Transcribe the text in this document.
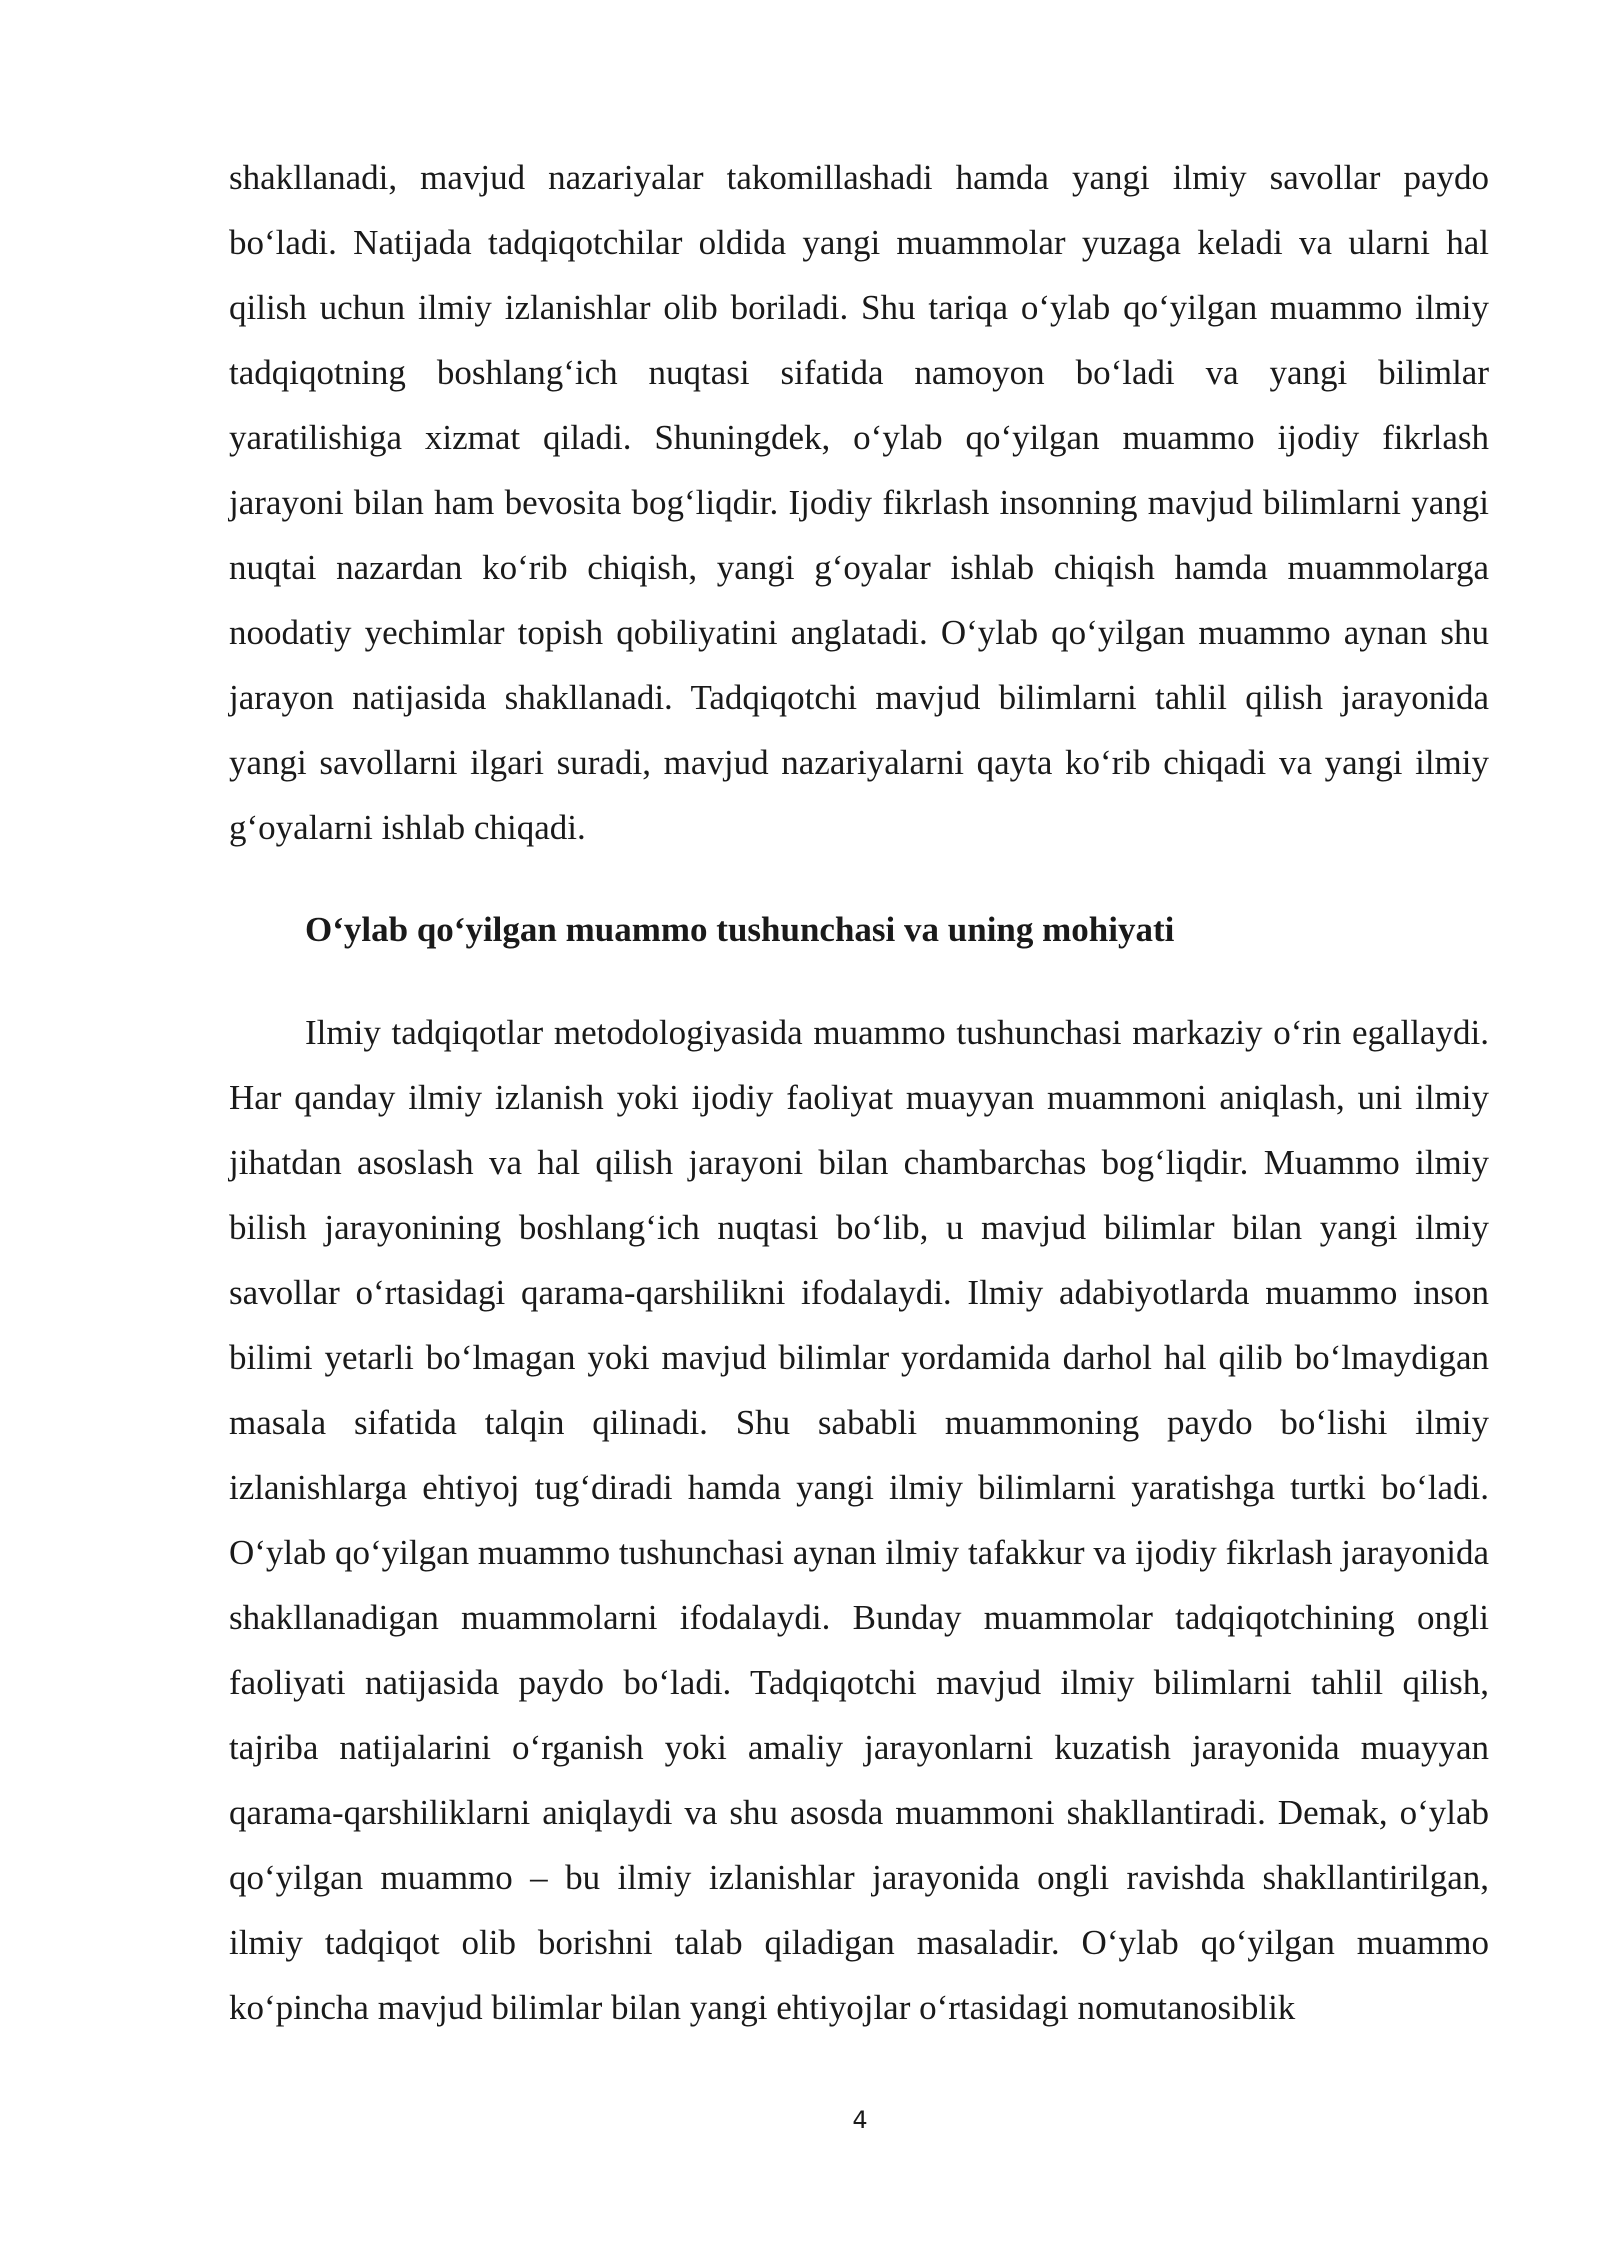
shakllanadi, mavjud nazariyalar takomillashadi hamda yangi ilmiy savollar paydo bo‘ladi. Natijada tadqiqotchilar oldida yangi muammolar yuzaga keladi va ularni hal qilish uchun ilmiy izlanishlar olib boriladi. Shu tariqa o‘ylab qo‘yilgan muammo ilmiy tadqiqotning boshlang‘ich nuqtasi sifatida namoyon bo‘ladi va yangi bilimlar yaratilishiga xizmat qiladi. Shuningdek, o‘ylab qo‘yilgan muammo ijodiy fikrlash jarayoni bilan ham bevosita bog‘liqdir. Ijodiy fikrlash insonning mavjud bilimlarni yangi nuqtai nazardan ko‘rib chiqish, yangi g‘oyalar ishlab chiqish hamda muammolarga noodatiy yechimlar topish qobiliyatini anglatadi. O‘ylab qo‘yilgan muammo aynan shu jarayon natijasida shakllanadi. Tadqiqotchi mavjud bilimlarni tahlil qilish jarayonida yangi savollarni ilgari suradi, mavjud nazariyalarni qayta ko‘rib chiqadi va yangi ilmiy g‘oyalarni ishlab chiqadi.

O‘ylab qo‘yilgan muammo tushunchasi va uning mohiyati

Ilmiy tadqiqotlar metodologiyasida muammo tushunchasi markaziy o‘rin egallaydi. Har qanday ilmiy izlanish yoki ijodiy faoliyat muayyan muammoni aniqlash, uni ilmiy jihatdan asoslash va hal qilish jarayoni bilan chambarchas bog‘liqdir. Muammo ilmiy bilish jarayonining boshlang‘ich nuqtasi bo‘lib, u mavjud bilimlar bilan yangi ilmiy savollar o‘rtasidagi qarama-qarshilikni ifodalaydi. Ilmiy adabiyotlarda muammo inson bilimi yetarli bo‘lmagan yoki mavjud bilimlar yordamida darhol hal qilib bo‘lmaydigan masala sifatida talqin qilinadi. Shu sababli muammoning paydo bo‘lishi ilmiy izlanishlarga ehtiyoj tug‘diradi hamda yangi ilmiy bilimlarni yaratishga turtki bo‘ladi. O‘ylab qo‘yilgan muammo tushunchasi aynan ilmiy tafakkur va ijodiy fikrlash jarayonida shakllanadigan muammolarni ifodalaydi. Bunday muammolar tadqiqotchining ongli faoliyati natijasida paydo bo‘ladi. Tadqiqotchi mavjud ilmiy bilimlarni tahlil qilish, tajriba natijalarini o‘rganish yoki amaliy jarayonlarni kuzatish jarayonida muayyan qarama-qarshiliklarni aniqlaydi va shu asosda muammoni shakllantiradi. Demak, o‘ylab qo‘yilgan muammo – bu ilmiy izlanishlar jarayonida ongli ravishda shakllantirilgan, ilmiy tadqiqot olib borishni talab qiladigan masaladir. O‘ylab qo‘yilgan muammo ko‘pincha mavjud bilimlar bilan yangi ehtiyojlar o‘rtasidagi nomutanosiblik

4
